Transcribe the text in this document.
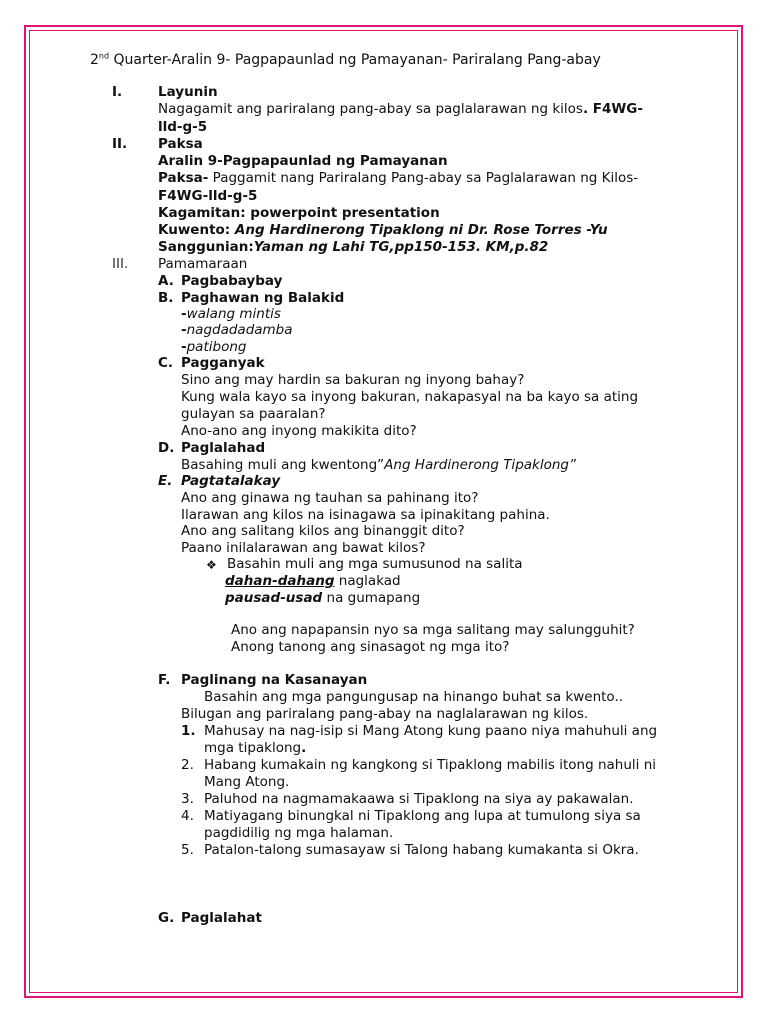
2nd Quarter-Aralin 9- Pagpapaunlad ng Pamayanan- Pariralang Pang-abay
I.	Layunin
Nagagamit ang pariralang pang-abay sa paglalarawan ng kilos. F4WG-
lld-g-5
II. Paksa
Aralin 9-Pagpapaunlad ng Pamayanan
Paksa- Paggamit nang Pariralang Pang-abay sa Paglalarawan ng Kilos-
F4WG-lld-g-5
Kagamitan: powerpoint presentation
Kuwento: Ang Hardinerong Tipaklong ni Dr. Rose Torres -Yu
Sanggunian:Yaman ng Lahi TG,pp150-153. KM,p.82
III. Pamamaraan
A. Pagbabaybay
B. Paghawan ng Balakid
-walang mintis
-nagdadadamba
-patibong
C. Pagganyak
Sino ang may hardin sa bakuran ng inyong bahay?
Kung wala kayo sa inyong bakuran, nakapasyal na ba kayo sa ating
gulayan sa paaralan?
Ano-ano ang inyong makikita dito?
D. Paglalahad
Basahing muli ang kwentong”Ang Hardinerong Tipaklong”
E. Pagtatalakay
Ano ang ginawa ng tauhan sa pahinang ito?
Ilarawan ang kilos na isinagawa sa ipinakitang pahina.
Ano ang salitang kilos ang binanggit dito?
Paano inilalarawan ang bawat kilos?
❖ Basahin muli ang mga sumusunod na salita
dahan-dahang naglakad
pausad-usad na gumapang
Ano ang napapansin nyo sa mga salitang may salungguhit?
Anong tanong ang sinasagot ng mga ito?
F. Paglinang na Kasanayan
Basahin ang mga pangungusap na hinango buhat sa kwento..
Bilugan ang pariralang pang-abay na naglalarawan ng kilos.
1. Mahusay na nag-isip si Mang Atong kung paano niya mahuhuli ang
mga tipaklong.
2. Habang kumakain ng kangkong si Tipaklong mabilis itong nahuli ni
Mang Atong.
3. Paluhod na nagmamakaawa si Tipaklong na siya ay pakawalan.
4. Matiyagang binungkal ni Tipaklong ang lupa at tumulong siya sa
pagdidilig ng mga halaman.
5. Patalon-talong sumasayaw si Talong habang kumakanta si Okra.
G. Paglalahat
